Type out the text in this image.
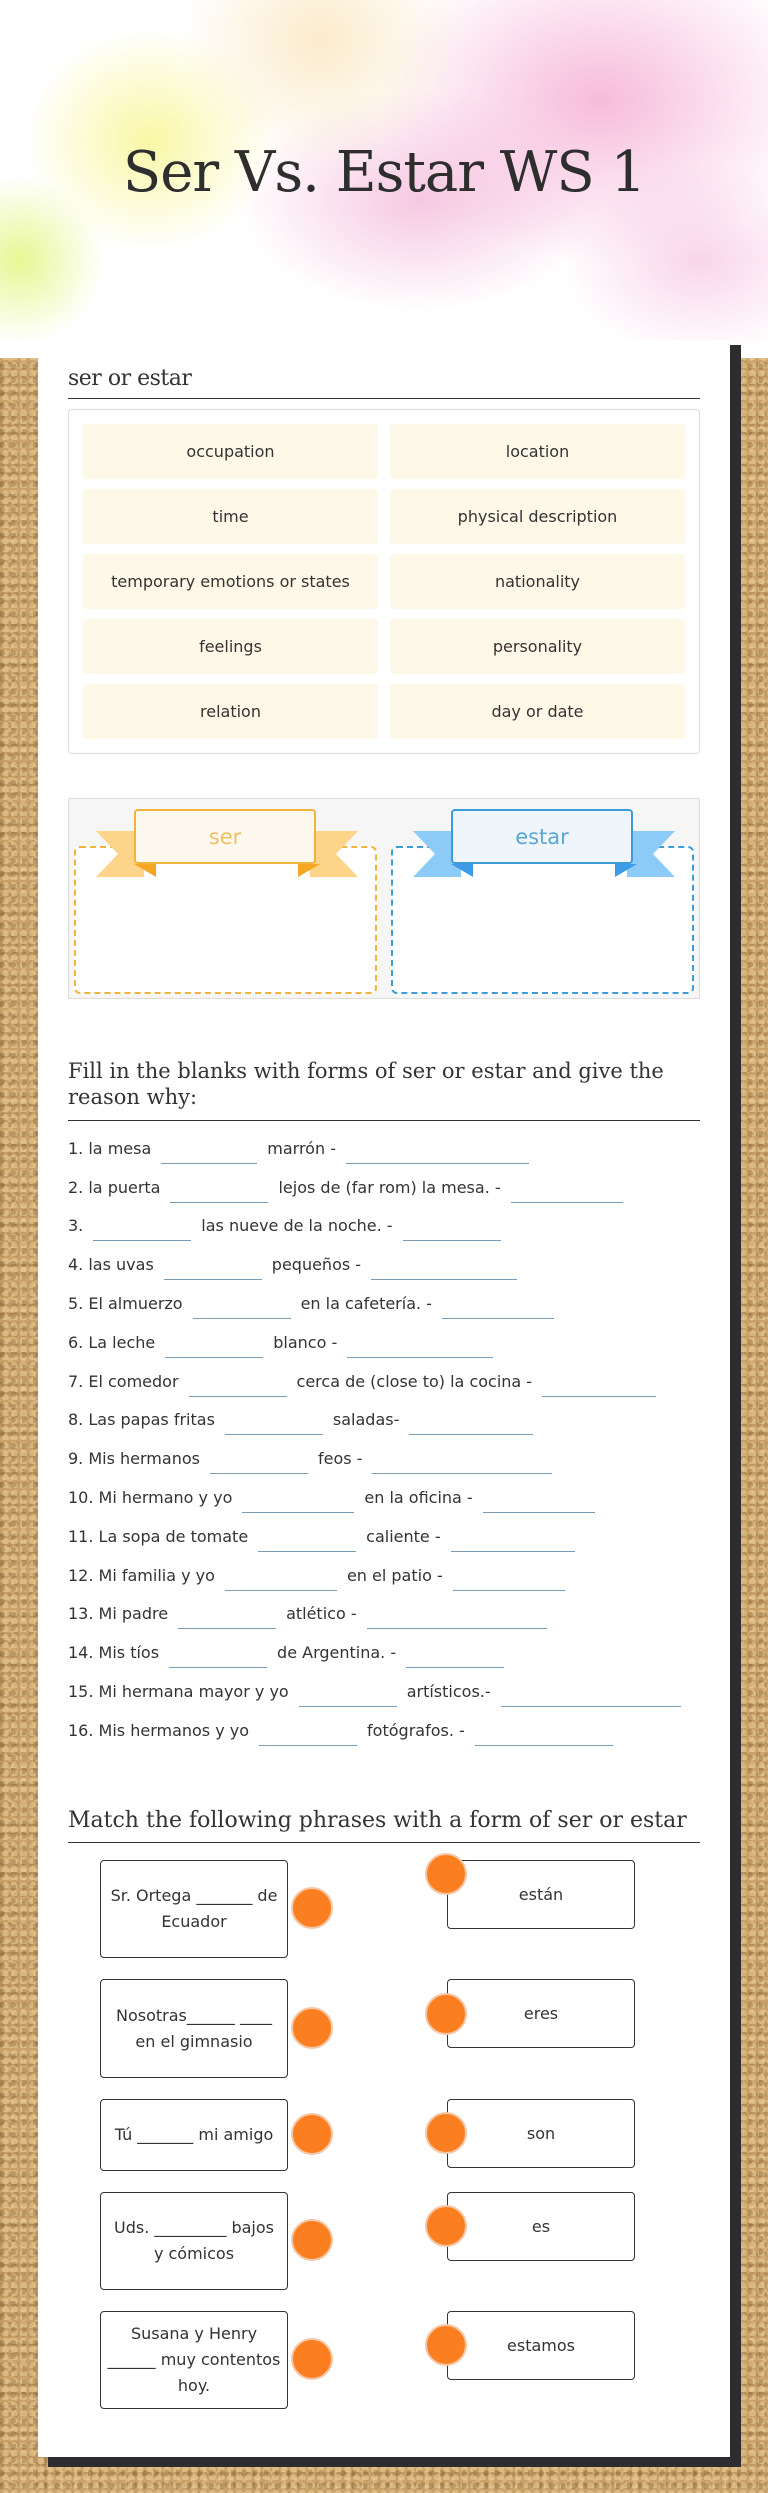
Ser Vs. Estar WS 1
ser or estar
occupation	location
time	physical description
temporary emotions or states	nationality
feelings	personality
relation	day or date
ser	estar
Fill in the blanks with forms of ser or estar and give the reason why:
1. la mesa	marrón -
2. la puerta	lejos de (far rom) la mesa. -
3.	las nueve de la noche. -
4. las uvas	pequeños -
5. El almuerzo	en la cafetería. -
6. La leche	blanco -
7. El comedor	cerca de (close to) la cocina -
8. Las papas fritas	saladas-
9. Mis hermanos	feos -
10. Mi hermano y yo	en la oficina -
11. La sopa de tomate	caliente -
12. Mi familia y yo	en el patio -
13. Mi padre	atlético -
14. Mis tíos	de Argentina. -
15. Mi hermana mayor y yo	artísticos.-
16. Mis hermanos y yo	fotógrafos. -
Match the following phrases with a form of ser or estar
Sr. Ortega _______ de Ecuador
están
Nosotras______ ____ en el gimnasio
eres
Tú _______ mi amigo	son
Uds. _________ bajos y cómicos
es
Susana y Henry ______ muy contentos hoy.
estamos
